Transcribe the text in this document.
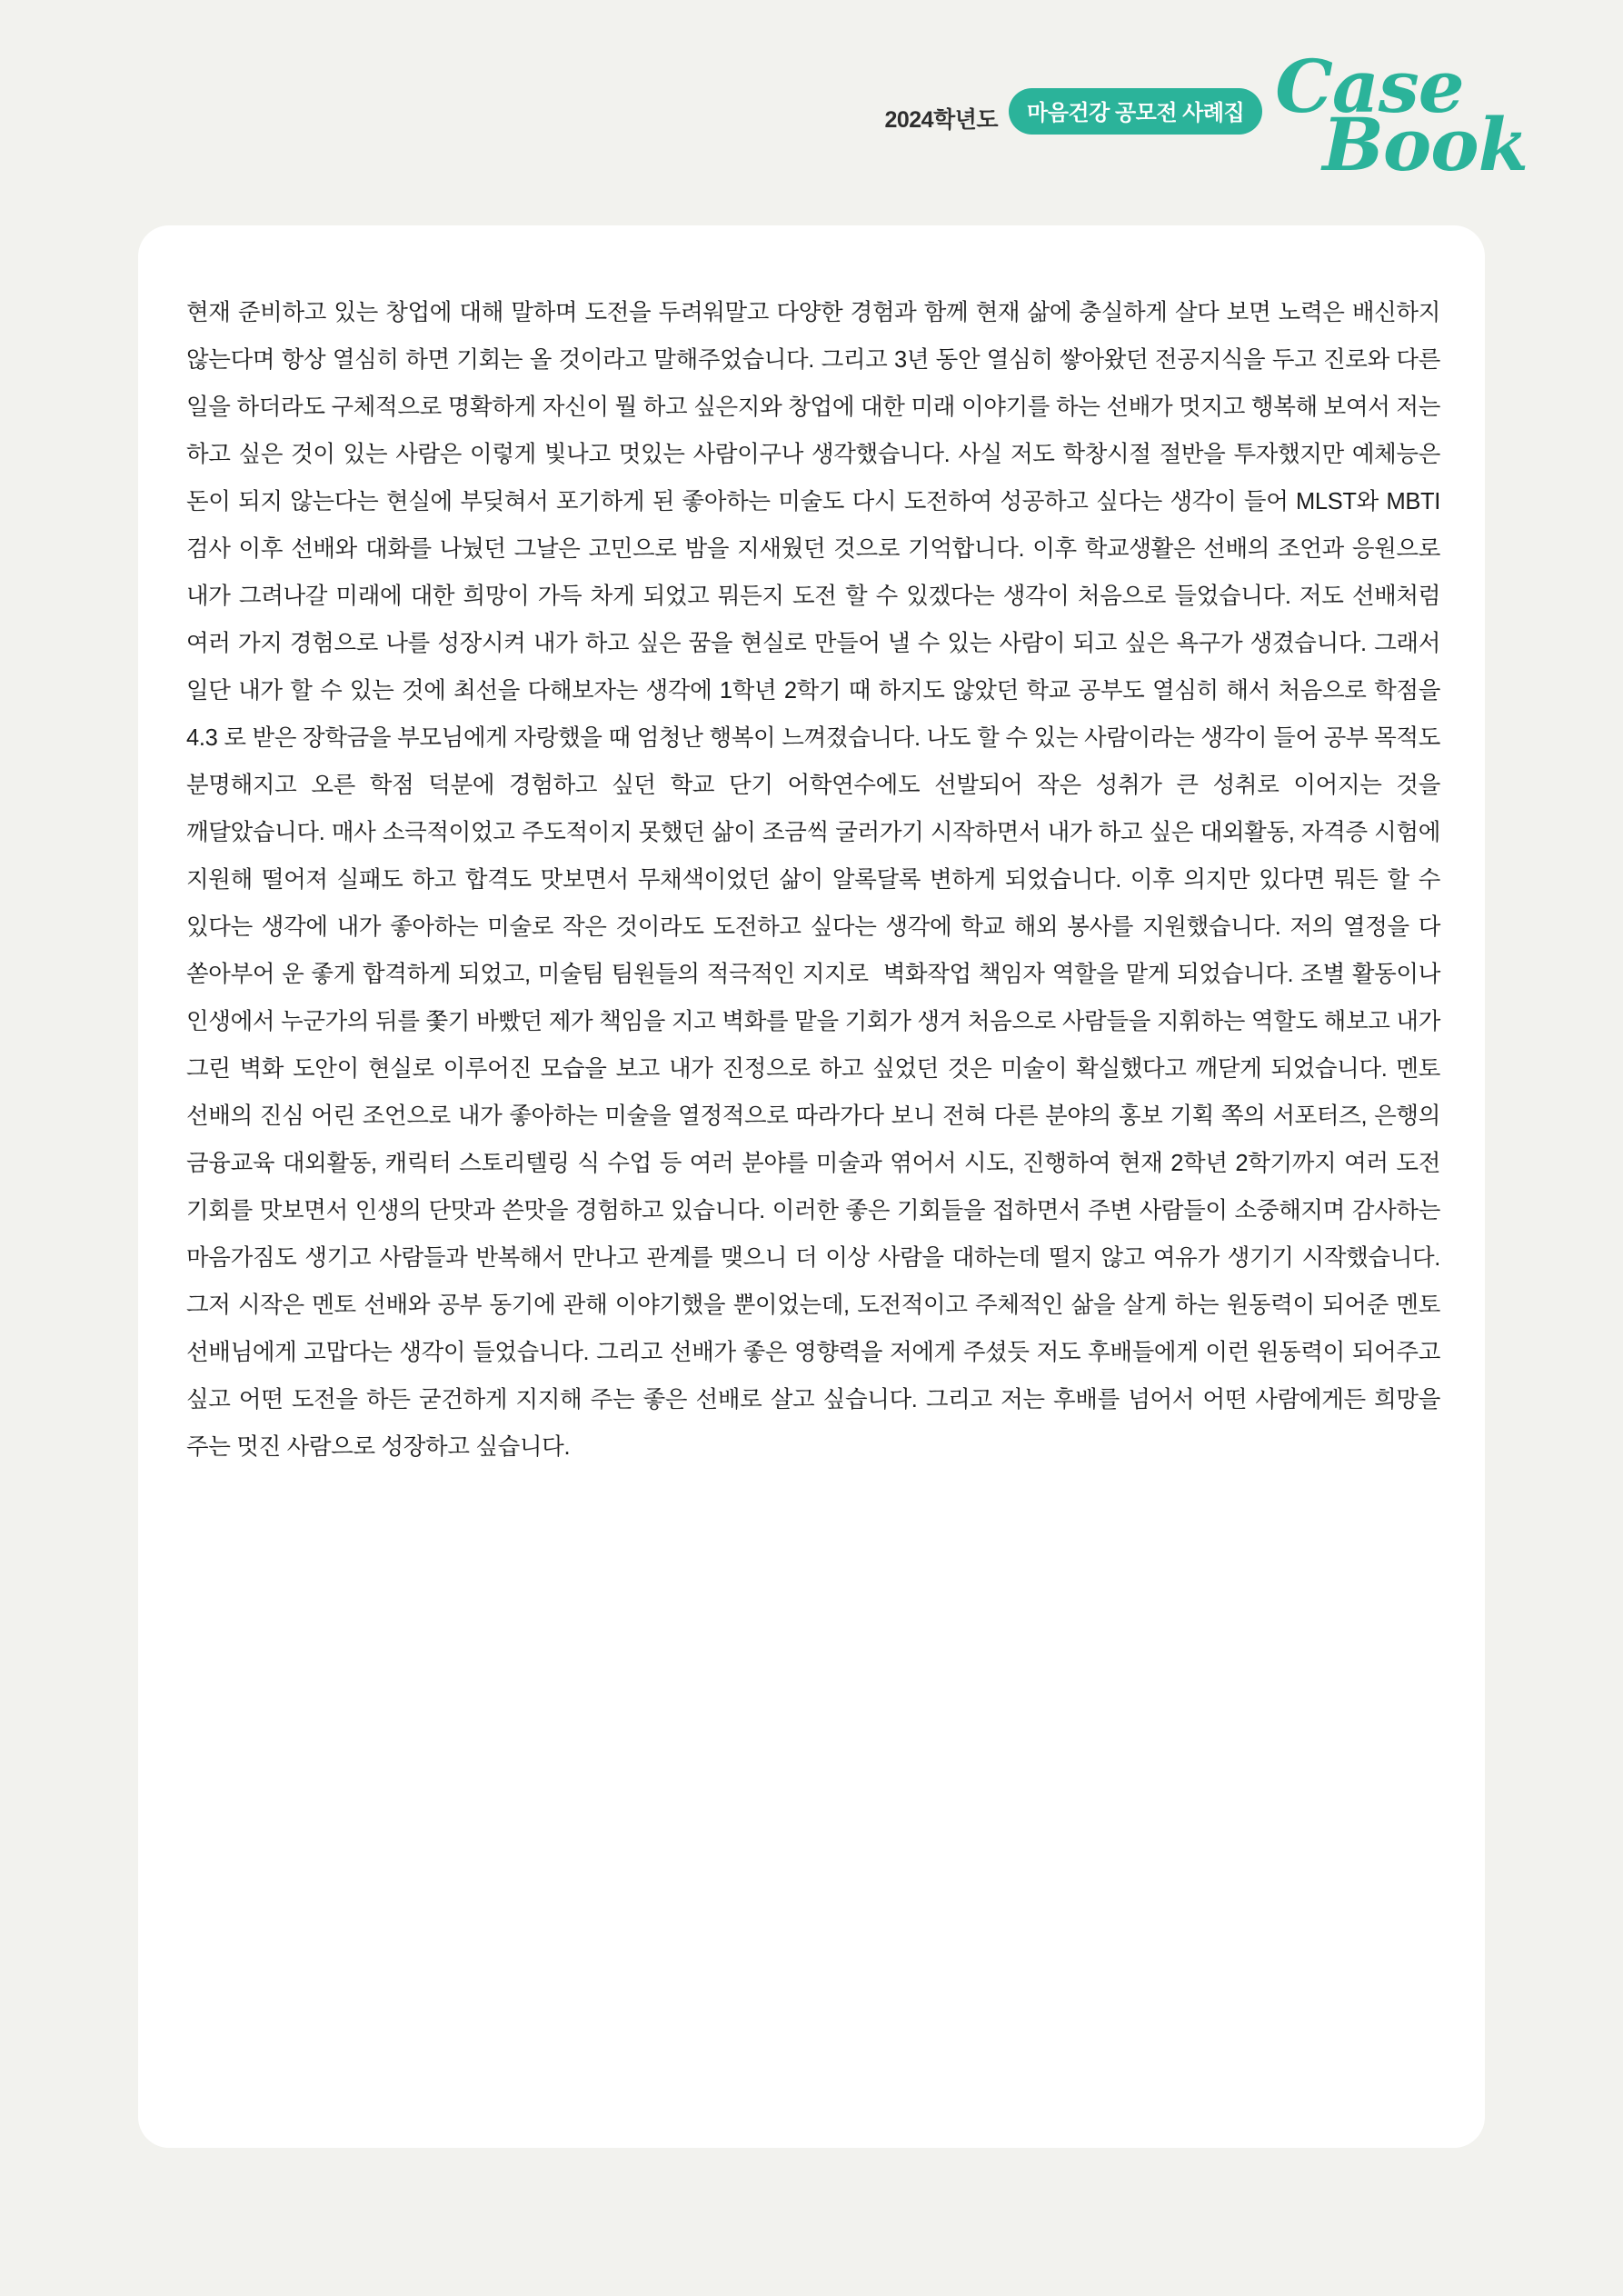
2024학년도	마음건강 공모전 사례집 Case
Book

현재 준비하고 있는 창업에 대해 말하며 도전을 두려워말고 다양한 경험과 함께 현재 삶에 충실하게 살다 보면 노력은 배신하지 않는다며 항상 열심히 하면 기회는 올 것이라고 말해주었습니다. 그리고 3년 동안 열심히 쌓아왔던 전공지식을 두고 진로와 다른 일을 하더라도 구체적으로 명확하게 자신이 뭘 하고 싶은지와 창업에 대한 미래 이야기를 하는 선배가 멋지고 행복해 보여서 저는 하고 싶은 것이 있는 사람은 이렇게 빛나고 멋있는 사람이구나 생각했습니다. 사실 저도 학창시절 절반을 투자했지만 예체능은 돈이 되지 않는다는 현실에 부딪혀서 포기하게 된 좋아하는 미술도 다시 도전하여 성공하고 싶다는 생각이 들어 MLST와 MBTI 검사 이후 선배와 대화를 나눴던 그날은 고민으로 밤을 지새웠던 것으로 기억합니다. 이후 학교생활은 선배의 조언과 응원으로 내가 그려나갈 미래에 대한 희망이 가득 차게 되었고 뭐든지 도전 할 수 있겠다는 생각이 처음으로 들었습니다. 저도 선배처럼 여러 가지 경험으로 나를 성장시켜 내가 하고 싶은 꿈을 현실로 만들어 낼 수 있는 사람이 되고 싶은 욕구가 생겼습니다. 그래서 일단 내가 할 수 있는 것에 최선을 다해보자는 생각에 1학년 2학기 때 하지도 않았던 학교 공부도 열심히 해서 처음으로 학점을 4.3 로 받은 장학금을 부모님에게 자랑했을 때 엄청난 행복이 느껴졌습니다. 나도 할 수 있는 사람이라는 생각이 들어 공부 목적도 분명해지고 오른 학점 덕분에 경험하고 싶던 학교 단기 어학연수에도 선발되어 작은 성취가 큰 성취로 이어지는 것을 깨달았습니다. 매사 소극적이었고 주도적이지 못했던 삶이 조금씩 굴러가기 시작하면서 내가 하고 싶은 대외활동, 자격증 시험에 지원해 떨어져 실패도 하고 합격도 맛보면서 무채색이었던 삶이 알록달록 변하게 되었습니다. 이후 의지만 있다면 뭐든 할 수 있다는 생각에 내가 좋아하는 미술로 작은 것이라도 도전하고 싶다는 생각에 학교 해외 봉사를 지원했습니다. 저의 열정을 다 쏟아부어 운 좋게 합격하게 되었고, 미술팀 팀원들의 적극적인 지지로  벽화작업 책임자 역할을 맡게 되었습니다. 조별 활동이나 인생에서 누군가의 뒤를 쫓기 바빴던 제가 책임을 지고 벽화를 맡을 기회가 생겨 처음으로 사람들을 지휘하는 역할도 해보고 내가 그린 벽화 도안이 현실로 이루어진 모습을 보고 내가 진정으로 하고 싶었던 것은 미술이 확실했다고 깨닫게 되었습니다. 멘토 선배의 진심 어린 조언으로 내가 좋아하는 미술을 열정적으로 따라가다 보니 전혀 다른 분야의 홍보 기획 쪽의 서포터즈, 은행의 금융교육 대외활동, 캐릭터 스토리텔링 식 수업 등 여러 분야를 미술과 엮어서 시도, 진행하여 현재 2학년 2학기까지 여러 도전 기회를 맛보면서 인생의 단맛과 쓴맛을 경험하고 있습니다. 이러한 좋은 기회들을 접하면서 주변 사람들이 소중해지며 감사하는 마음가짐도 생기고 사람들과 반복해서 만나고 관계를 맺으니 더 이상 사람을 대하는데 떨지 않고 여유가 생기기 시작했습니다. 그저 시작은 멘토 선배와 공부 동기에 관해 이야기했을 뿐이었는데, 도전적이고 주체적인 삶을 살게 하는 원동력이 되어준 멘토 선배님에게 고맙다는 생각이 들었습니다. 그리고 선배가 좋은 영향력을 저에게 주셨듯 저도 후배들에게 이런 원동력이 되어주고 싶고 어떤 도전을 하든 굳건하게 지지해 주는 좋은 선배로 살고 싶습니다. 그리고 저는 후배를 넘어서 어떤 사람에게든 희망을 주는 멋진 사람으로 성장하고 싶습니다.
